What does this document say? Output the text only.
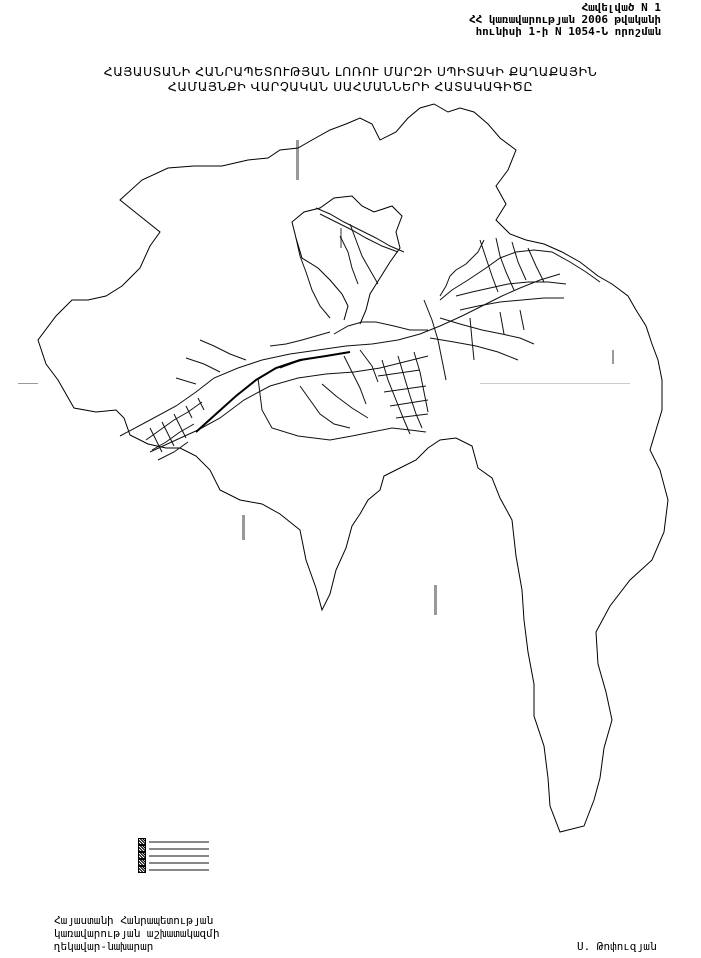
Հավելված N 1
ՀՀ կառավարության 2006 թվականի
հունիսի 1-ի N 1054-Ն որոշման
ՀԱՅԱՍՏԱՆԻ ՀԱՆՐԱՊԵՏՈՒԹՅԱՆ ԼՈՌՈՒ ՄԱՐԶԻ ՍՊԻՏԱԿԻ ՔԱՂԱՔԱՅԻՆ
ՀԱՄԱՅՆՔԻ ՎԱՐՉԱԿԱՆ ՍԱՀՄԱՆՆԵՐԻ ՀԱՏԱԿԱԳԻԾԸ
Հայաստանի Հանրապետության
կառավարության աշխատակազմի
ղեկավար-նախարար	Ս. Թոփուզյան
